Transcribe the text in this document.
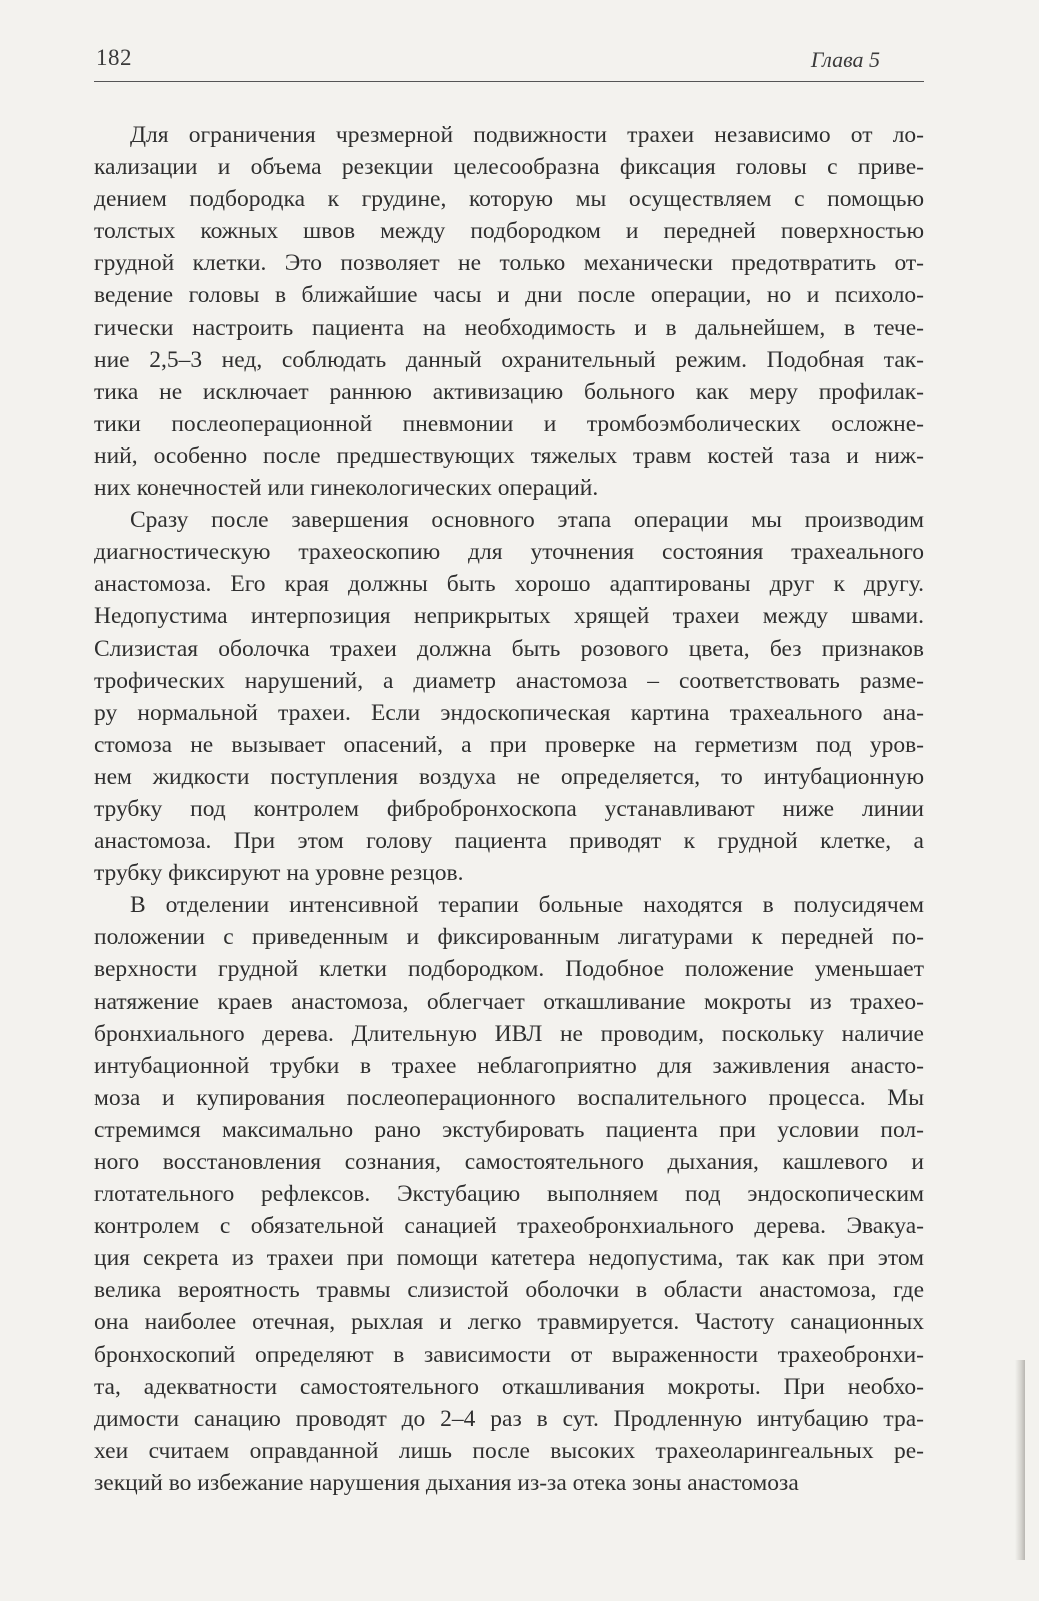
182	Глава 5
Для ограничения чрезмерной подвижности трахеи независимо от ло-
кализации и объема резекции целесообразна фиксация головы с приве-
дением подбородка к грудине, которую мы осуществляем с помощью
толстых кожных швов между подбородком и передней поверхностью
грудной клетки. Это позволяет не только механически предотвратить от-
ведение головы в ближайшие часы и дни после операции, но и психоло-
гически настроить пациента на необходимость и в дальнейшем, в тече-
ние 2,5–3 нед, соблюдать данный охранительный режим. Подобная так-
тика не исключает раннюю активизацию больного как меру профилак-
тики послеоперационной пневмонии и тромбоэмболических осложне-
ний, особенно после предшествующих тяжелых травм костей таза и ниж-
них конечностей или гинекологических операций.
Сразу после завершения основного этапа операции мы производим
диагностическую трахеоскопию для уточнения состояния трахеального
анастомоза. Его края должны быть хорошо адаптированы друг к другу.
Недопустима интерпозиция неприкрытых хрящей трахеи между швами.
Слизистая оболочка трахеи должна быть розового цвета, без признаков
трофических нарушений, а диаметр анастомоза – соответствовать разме-
ру нормальной трахеи. Если эндоскопическая картина трахеального ана-
стомоза не вызывает опасений, а при проверке на герметизм под уров-
нем жидкости поступления воздуха не определяется, то интубационную
трубку под контролем фибробронхоскопа устанавливают ниже линии
анастомоза. При этом голову пациента приводят к грудной клетке, а
трубку фиксируют на уровне резцов.
В отделении интенсивной терапии больные находятся в полусидячем
положении с приведенным и фиксированным лигатурами к передней по-
верхности грудной клетки подбородком. Подобное положение уменьшает
натяжение краев анастомоза, облегчает откашливание мокроты из трахео-
бронхиального дерева. Длительную ИВЛ не проводим, поскольку наличие
интубационной трубки в трахее неблагоприятно для заживления анасто-
моза и купирования послеоперационного воспалительного процесса. Мы
стремимся максимально рано экстубировать пациента при условии пол-
ного восстановления сознания, самостоятельного дыхания, кашлевого и
глотательного рефлексов. Экстубацию выполняем под эндоскопическим
контролем с обязательной санацией трахеобронхиального дерева. Эвакуа-
ция секрета из трахеи при помощи катетера недопустима, так как при этом
велика вероятность травмы слизистой оболочки в области анастомоза, где
она наиболее отечная, рыхлая и легко травмируется. Частоту санационных
бронхоскопий определяют в зависимости от выраженности трахеобронхи-
та, адекватности самостоятельного откашливания мокроты. При необхо-
димости санацию проводят до 2–4 раз в сут. Продленную интубацию тра-
хеи считаем оправданной лишь после высоких трахеоларингеальных ре-
зекций во избежание нарушения дыхания из-за отека зоны анастомоза
